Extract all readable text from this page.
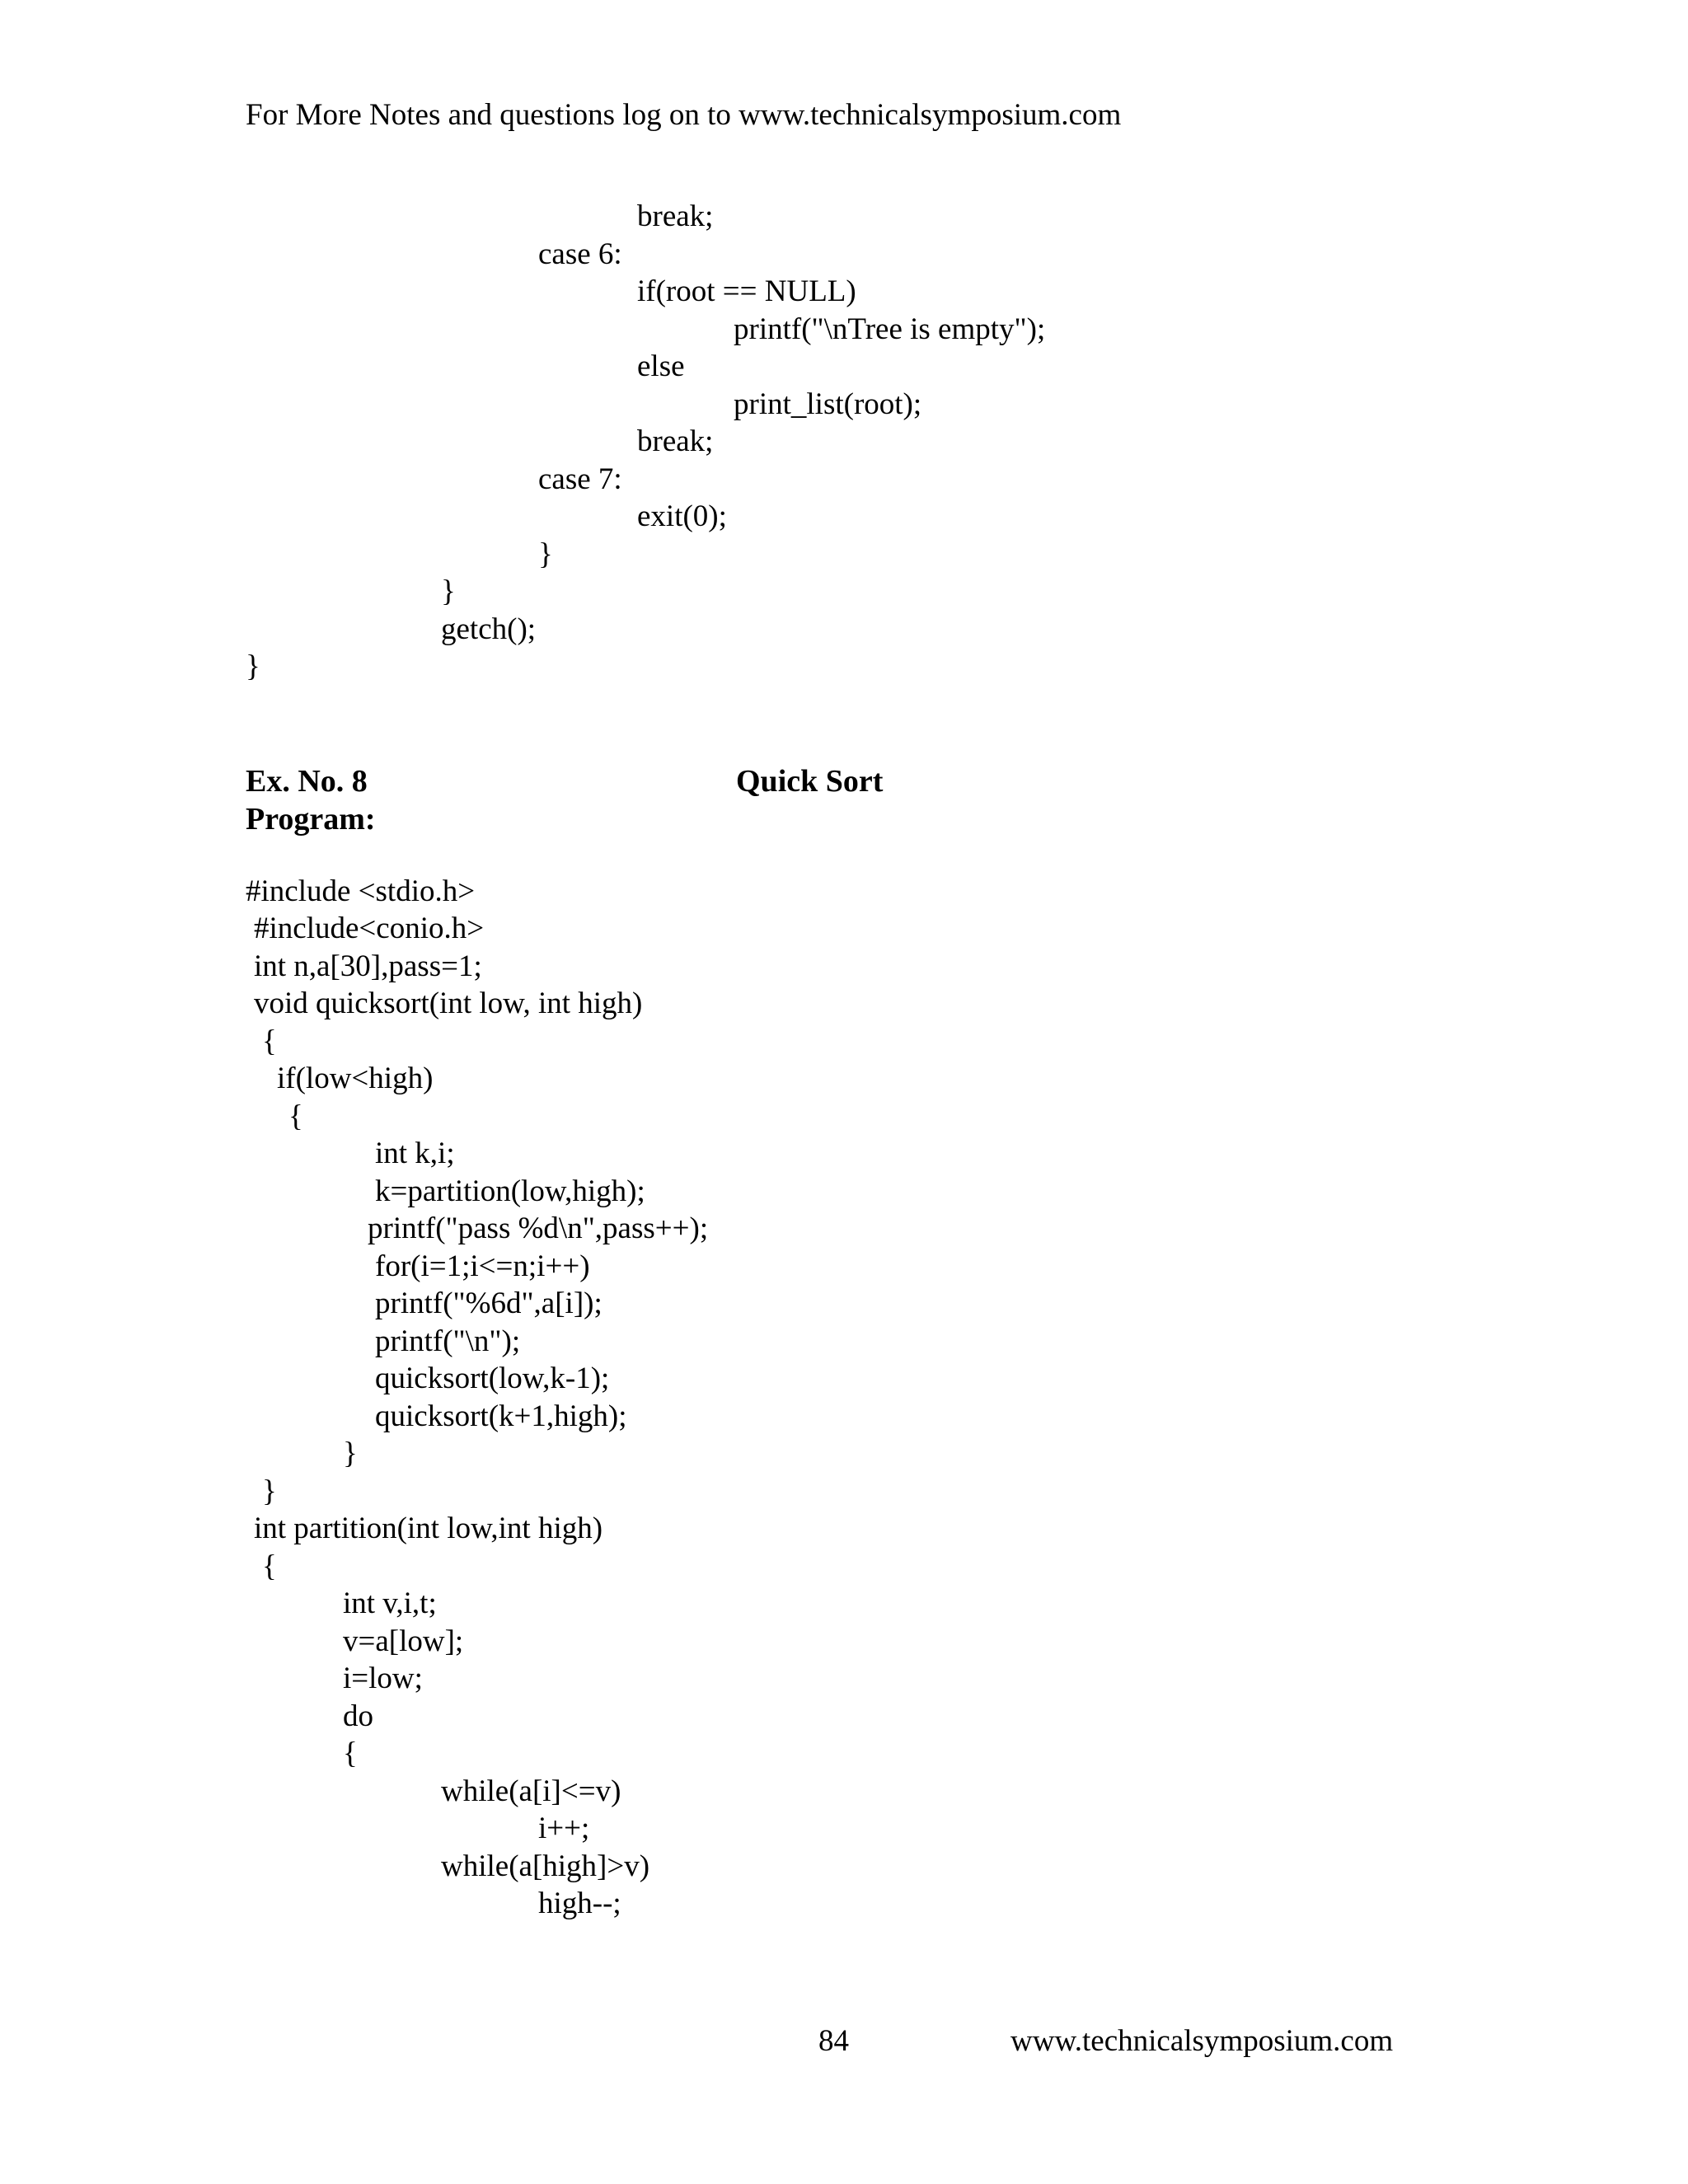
For More Notes and questions log on to www.technicalsymposium.com
break;
case 6:
if(root == NULL)
printf("\nTree is empty");
else
print_list(root);
break;
case 7:
exit(0);
}
}
getch();
}
Ex. No. 8	Quick Sort
Program:
#include <stdio.h>
#include<conio.h>
int n,a[30],pass=1;
void quicksort(int low, int high)
{
if(low<high)
{
int k,i;
k=partition(low,high);
printf("pass %d\n",pass++);
for(i=1;i<=n;i++)
printf("%6d",a[i]);
printf("\n");
quicksort(low,k-1);
quicksort(k+1,high);
}
}
int partition(int low,int high)
{
int v,i,t;
v=a[low];
i=low;
do
{
while(a[i]<=v)
i++;
while(a[high]>v)
high--;
84	www.technicalsymposium.com
